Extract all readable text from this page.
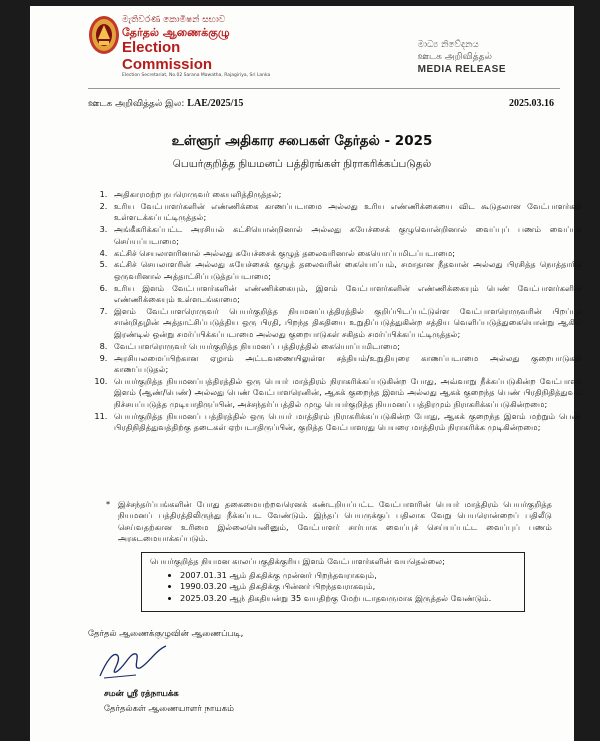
මැතිවරණ කොමිෂන් සභාව
தேர்தல் ஆணைக்குழு
Election Commission
Election Secretariat, No.02 Sarana Mawatha, Rajagiriya, Sri Lanka
මාධ්‍ය නිවේදනය
ஊடக அறிவித்தல்
MEDIA RELEASE
ஊடக அறிவித்தல் இல: LAE/2025/15	2025.03.16
உள்ளூர் அதிகார சபைகள் தேர்தல் - 2025
பெயர்குறித்த நியமனப் பத்திரங்கள் நிராகரிக்கப்படுதல்
1. அதிகாரமற்ற நபரொருவர் கையளித்திருத்தல்;
2. உரிய வேட்பாளர்களின் எண்ணிக்கை காணப்படாமை அல்லது உரிய எண்ணிக்கையை விட கூடுதலான வேட்பாளர்கள் உள்ளடக்கப்பட்டிருத்தல்;
3. அங்கீகரிக்கப்பட்ட அரசியல் கட்சியொன்றினால் அல்லது சுயேச்சைக் குழுவொன்றினால் வைப்புப் பணம் வைப்புச் செய்யப்படாமை;
4. கட்சிச் செயலாளரினால் அல்லது சுயேச்சைக் குழுத் தலைவரினால் கையொப்பமிடப்படாமை;
5. கட்சிச் செயலாளரின் அல்லது சுயேச்சைக் குழுத் தலைவரின் கையொப்பம், சமாதான நீதவான் அல்லது பிரசித்த நொத்தாரிசு ஒருவரினால் அத்தாட்சிப்படுத்தப்படாமை;
6. உரிய இளம் வேட்பாளர்களின் எண்ணிக்கையும், இளம் வேட்பாளர்களின் எண்ணிக்கையும் பெண் வேட்பாளர்களின் எண்ணிக்கையும் உள்ளடங்காமை;
7. இளம் வேட்பாளரொருவர் பெயர்குறித்த நியமனப்பத்திரத்தில் குறிப்பிடப்பட்டுள்ள வேட்பாளரொருவரின் பிறப்புச் சான்றிதழின் அத்தாட்சிப்படுத்திய ஒரு பிரதி, பிறந்த திகதியை உறுதிப்படுத்துகின்ற சத்திய வெளிப்படுத்துகையொன்று ஆகிய இரண்டில் ஒன்று சமர்ப்பிக்கப்படாமை அல்லது குறைபாடுகள் சகிதம் சமர்ப்பிக்கப்பட்டிருத்தல்;
8. வேட்பாளரொருவர் பெயர்குறித்த நியமனப் பத்திரத்தில் கையொப்பமிடாமை;
9. அரசியலமைப்பிற்கான ஏழாம் அட்டவணையிலுள்ள சத்தியம்/உறுதியுரை காணப்படாமை அல்லது குறைபாடுகள் காணப்படுதல்;
10. பெயர்குறித்த நியமனப்பத்திரத்தில் ஒரு பெயர் மாத்திரம் நிராகரிக்கப்படுகின்ற போது, அவ்வாறு நீக்கப்படுகின்ற வேட்பாளர் இளம் (ஆண்/பெண்) அல்லது பெண் வேட்பாளரெனின், ஆகக் குறைந்த இளம் அல்லது ஆகக் குறைந்த பெண் பிரதிநிதித்துவம் நிச்சயப்படுத்த முடியாதிருப்பின், அச்சந்தர்ப்பத்தில் முழு பெயர்குறித்த நியமனப் பத்திரமும் நிராகரிக்கப்படுகின்றமை;
11. பெயர்குறித்த நியமனப் பத்திரத்தில் ஒரு பெயர் மாத்திரம் நிராகரிக்கப்படுகின்ற போது, ஆகக் குறைந்த இளம் மற்றும் பெண் பிரதிநிதித்துவத்திற்கு தடைகள் ஏற்படாதிருப்பின், குறித்த வேட்பாளரது பெயரை மாத்திரம் நிராகரிக்க முடிகின்றமை;
* இச்சந்தர்ப்பங்களின் போது தகைமையற்றவரெனக் கண்டறியப்பட்ட வேட்பாளரின் பெயர் மாத்திரம் பெயர்குறித்த நியமனப் பத்திரத்திலிருந்து நீக்கப்பட வேண்டும். இந்தப் பெயருக்குப் பதிலாக வேறு பெயரொன்றைப் பதிலீடு செய்வதற்கான உரிமை இல்லையெனினும், வேட்பாளர் சார்பாக வைப்புச் செய்யப்பட்ட வைப்புப் பணம் அரசுடமையாக்கப்படும்.
பெயர்குறித்த நியமன காலப்பகுதிக்குரிய இளம் வேட்பாளர்களின் வயதெல்லை;
• 2007.01.31 ஆம் திகதிக்கு முன்னர் பிறந்தவராகவும்,
• 1990.03.20 ஆம் திகதிக்கு பின்னர் பிறந்தவராகவும்,
• 2025.03.20 ஆந் திகதியன்று 35 வயதிற்கு மேற்படாதவருமாக இருத்தல் வேண்டும்.
தேர்தல் ஆணைக்குழுவின் ஆணைப்படி,
சமன் ஸ்ரீ ரத்நாயக்க
தேர்தல்கள் ஆணையாளர் நாயகம்
